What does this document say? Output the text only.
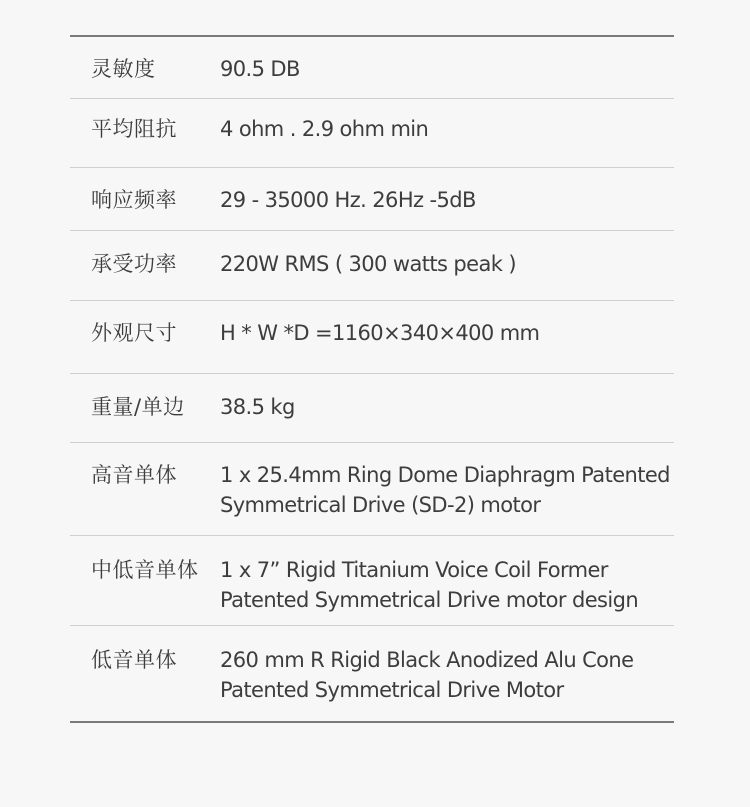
灵敏度	90.5 DB
平均阻抗 4 ohm . 2.9 ohm min
响应频率 29 - 35000 Hz. 26Hz -5dB
承受功率 220W RMS ( 300 watts peak )
外观尺寸 H * W *D =1160×340×400 mm
重量/单边 38.5 kg
高音单体 1 x 25.4mm Ring Dome Diaphragm Patented
Symmetrical Drive (SD-2) motor
中低音单体 1 x 7” Rigid Titanium Voice Coil Former
Patented Symmetrical Drive motor design
低音单体 260 mm R Rigid Black Anodized Alu Cone
Patented Symmetrical Drive Motor
